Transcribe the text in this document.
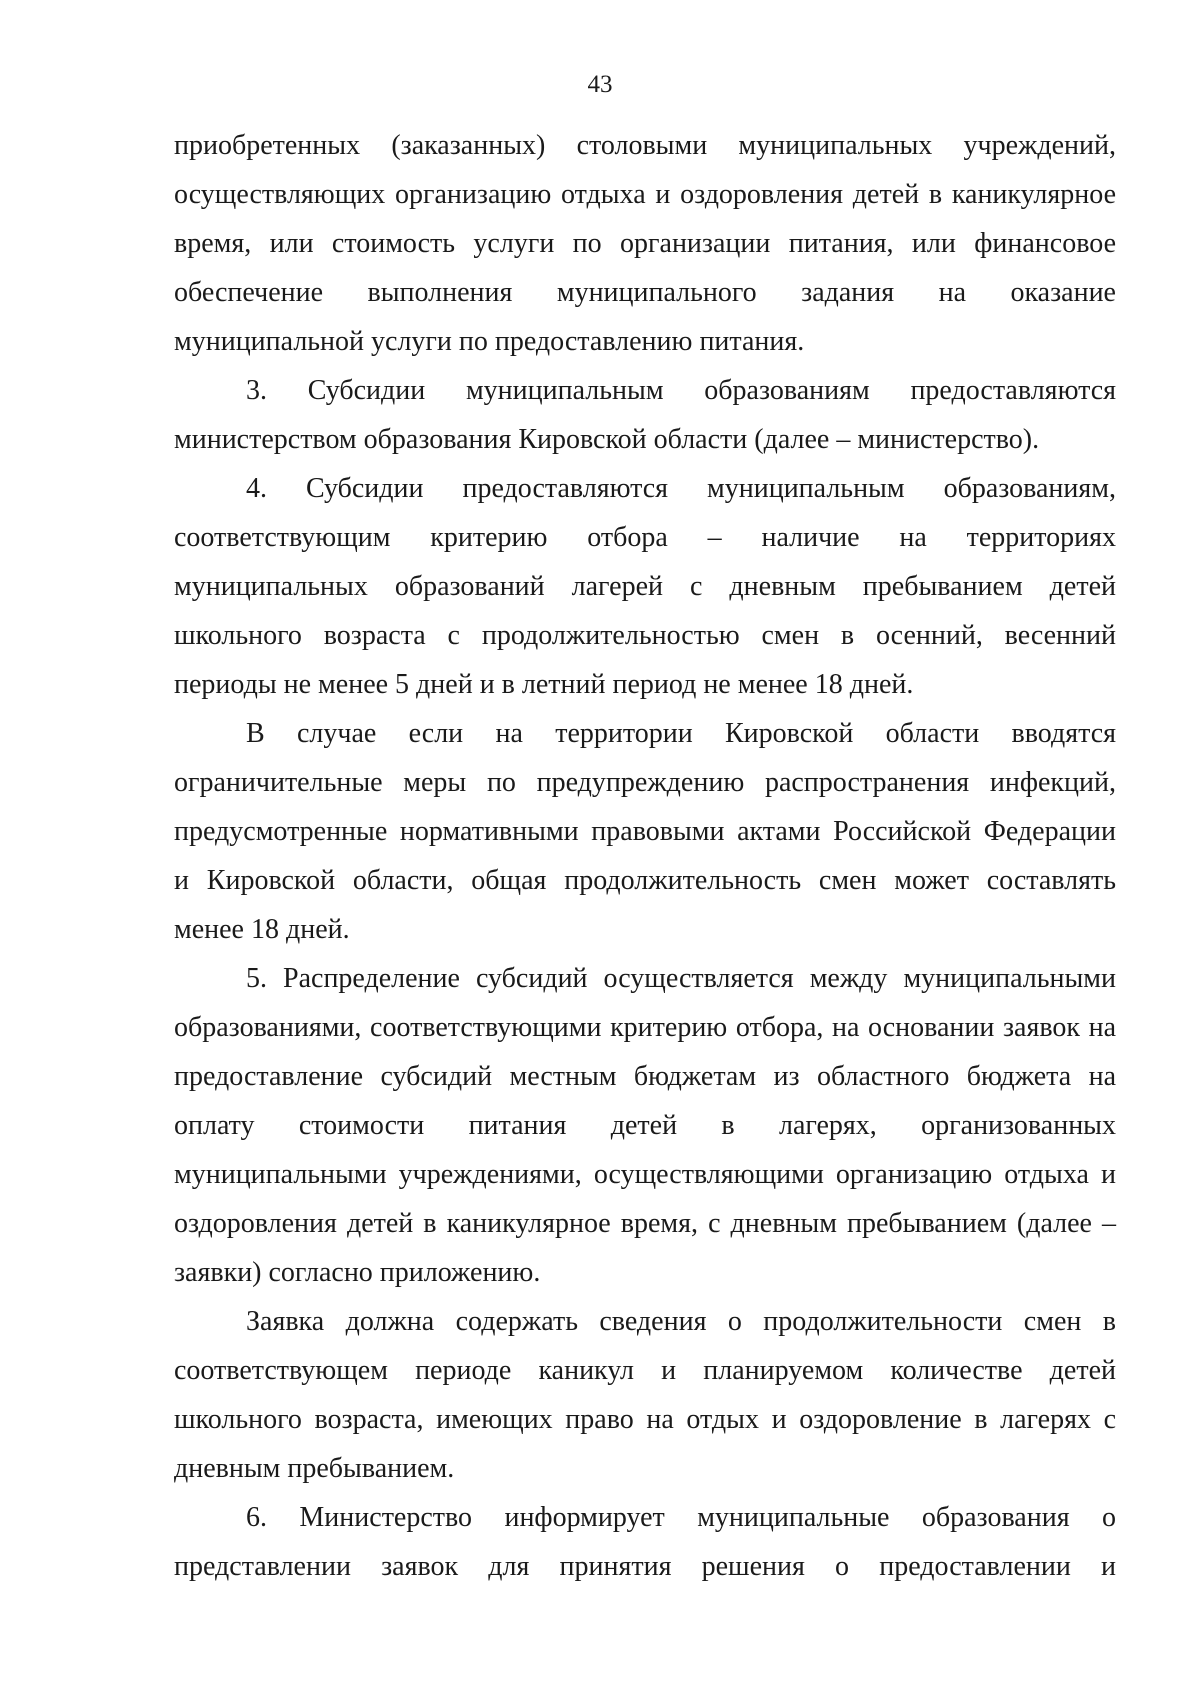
43
приобретенных (заказанных) столовыми муниципальных учреждений,
осуществляющих организацию отдыха и оздоровления детей в каникулярное
время, или стоимость услуги по организации питания, или финансовое
обеспечение выполнения муниципального задания на оказание
муниципальной услуги по предоставлению питания.
3. Субсидии муниципальным образованиям предоставляются
министерством образования Кировской области (далее – министерство).
4. Субсидии предоставляются муниципальным образованиям,
соответствующим критерию отбора – наличие на территориях
муниципальных образований лагерей с дневным пребыванием детей
школьного возраста с продолжительностью смен в осенний, весенний
периоды не менее 5 дней и в летний период не менее 18 дней.
В случае если на территории Кировской области вводятся
ограничительные меры по предупреждению распространения инфекций,
предусмотренные нормативными правовыми актами Российской Федерации
и Кировской области, общая продолжительность смен может составлять
менее 18 дней.
5. Распределение субсидий осуществляется между муниципальными
образованиями, соответствующими критерию отбора, на основании заявок на
предоставление субсидий местным бюджетам из областного бюджета на
оплату стоимости питания детей в лагерях, организованных
муниципальными учреждениями, осуществляющими организацию отдыха и
оздоровления детей в каникулярное время, с дневным пребыванием (далее –
заявки) согласно приложению.
Заявка должна содержать сведения о продолжительности смен в
соответствующем периоде каникул и планируемом количестве детей
школьного возраста, имеющих право на отдых и оздоровление в лагерях с
дневным пребыванием.
6. Министерство информирует муниципальные образования о
представлении заявок для принятия решения о предоставлении и
